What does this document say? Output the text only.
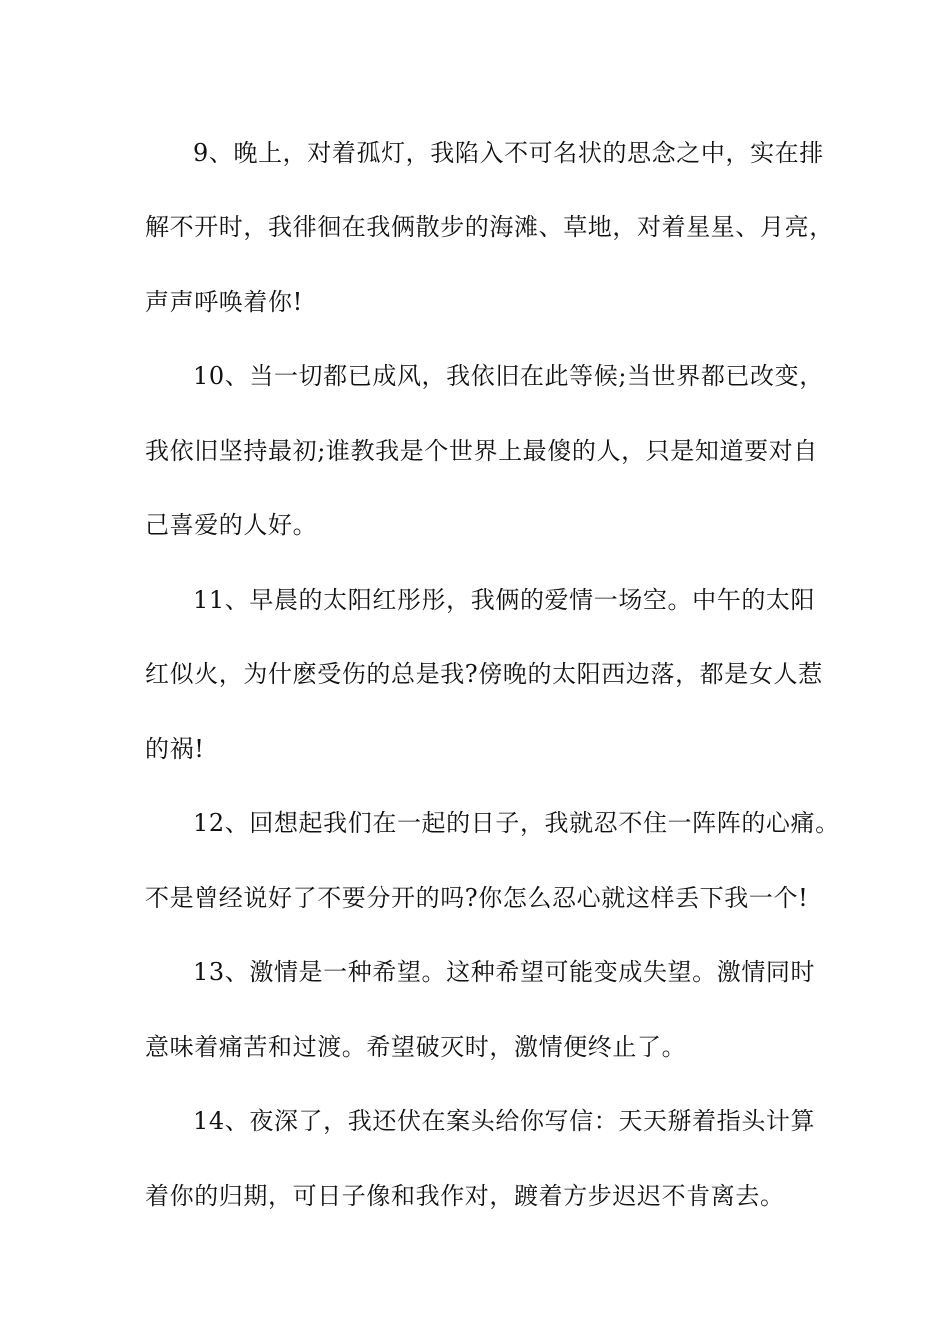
9、晚上，对着孤灯，我陷入不可名状的思念之中，实在排
解不开时，我徘徊在我俩散步的海滩、草地，对着星星、月亮，
声声呼唤着你!
10、当一切都已成风，我依旧在此等候;当世界都已改变，
我依旧坚持最初;谁教我是个世界上最傻的人，只是知道要对自
己喜爱的人好。
11、早晨的太阳红彤彤，我俩的爱情一场空。中午的太阳
红似火，为什麽受伤的总是我?傍晚的太阳西边落，都是女人惹
的祸!
12、回想起我们在一起的日子，我就忍不住一阵阵的心痛。
不是曾经说好了不要分开的吗?你怎么忍心就这样丢下我一个!
13、激情是一种希望。这种希望可能变成失望。激情同时
意味着痛苦和过渡。希望破灭时，激情便终止了。
14、夜深了，我还伏在案头给你写信：天天掰着指头计算
着你的归期，可日子像和我作对，踱着方步迟迟不肯离去。
